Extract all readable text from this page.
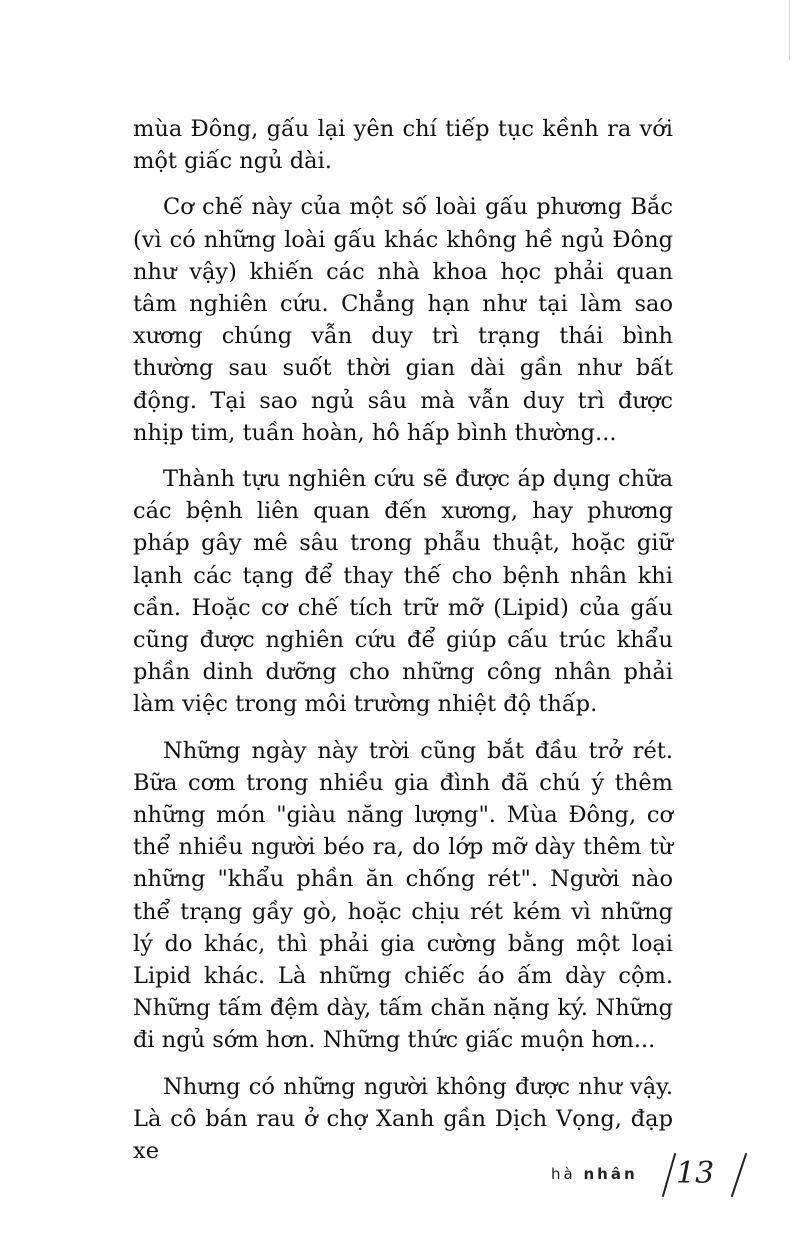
mùa Đông, gấu lại yên chí tiếp tục kềnh ra với một giấc ngủ dài.

Cơ chế này của một số loài gấu phương Bắc (vì có những loài gấu khác không hề ngủ Đông như vậy) khiến các nhà khoa học phải quan tâm nghiên cứu. Chẳng hạn như tại làm sao xương chúng vẫn duy trì trạng thái bình thường sau suốt thời gian dài gần như bất động. Tại sao ngủ sâu mà vẫn duy trì được nhịp tim, tuần hoàn, hô hấp bình thường...

Thành tựu nghiên cứu sẽ được áp dụng chữa các bệnh liên quan đến xương, hay phương pháp gây mê sâu trong phẫu thuật, hoặc giữ lạnh các tạng để thay thế cho bệnh nhân khi cần. Hoặc cơ chế tích trữ mỡ (Lipid) của gấu cũng được nghiên cứu để giúp cấu trúc khẩu phần dinh dưỡng cho những công nhân phải làm việc trong môi trường nhiệt độ thấp.

Những ngày này trời cũng bắt đầu trở rét. Bữa cơm trong nhiều gia đình đã chú ý thêm những món "giàu năng lượng". Mùa Đông, cơ thể nhiều người béo ra, do lớp mỡ dày thêm từ những "khẩu phần ăn chống rét". Người nào thể trạng gầy gò, hoặc chịu rét kém vì những lý do khác, thì phải gia cường bằng một loại Lipid khác. Là những chiếc áo ấm dày cộm. Những tấm đệm dày, tấm chăn nặng ký. Những đi ngủ sớm hơn. Những thức giấc muộn hơn...

Nhưng có những người không được như vậy. Là cô bán rau ở chợ Xanh gần Dịch Vọng, đạp xe

hà nhân 13
